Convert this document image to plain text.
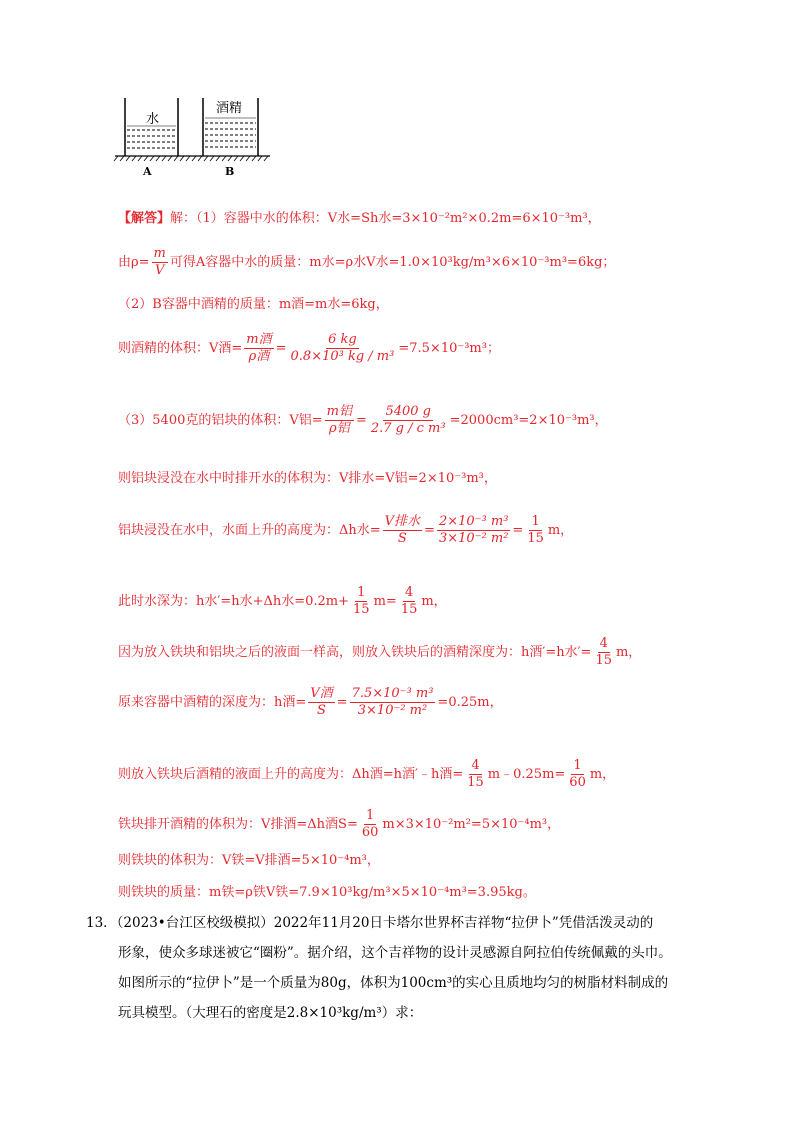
水
酒精
A	B
【解答】解：（1）容器中水的体积：V水=Sh水=3×10⁻²m²×0.2m=6×10⁻³m³，
由$\rho= \frac{m}{V}$ 可得A容器中水的质量：m水=ρ水V水=1.0×10³kg/m³×6×10⁻³m³=6kg；
（2）B容器中酒精的质量：m酒=m水=6kg，
则酒精的体积：V酒= $\frac{\text{m酒}}{\text{ρ酒}} = \frac{6 kg}{\text{0.8×10³ kg / m³}} =7.5\times 10^{-3}m^3$；
（3）5400克的铝块的体积：V铝= $\frac{\text{m铝}}{\text{ρ铝}} = \frac{5400 g}{\text{2.7 g / c m³}} =2000cm^3=2\times 10^{-3}m^3$，
则铝块浸没在水中时排开水的体积为：V排水=V铝=2×10⁻³m³，
铝块浸没在水中，水面上升的高度为：Δh水= $\frac{\text{V排水}}{S} = \frac{\text{2×10⁻³ m³}}{\text{3×10⁻² m²}} = \frac{1}{15}$ m，
此时水深为：h水′=h水+Δh水$=0.2m+ \frac{1}{15} m= \frac{4}{15}$ m，
因为放入铁块和铝块之后的液面一样高，则放入铁块后的酒精深度为：h酒′=h水′= $\frac{4}{15}$ m，
原来容器中酒精的深度为：h酒= $\frac{\text{V酒}}{S} = \frac{\text{7.5×10⁻³ m³}}{\text{3×10⁻² m²}} =0.25m$，
则放入铁块后酒精的液面上升的高度为：Δh酒=h酒′﹣h酒= $\frac{4}{15}$ m﹣0.25m= $\frac{1}{60}$ m，
铁块排开酒精的体积为：V排酒=Δh酒$S= \frac{1}{60} m\times 3\times 10^{-2}m^2=5\times 10^{-4}m^3$，
则铁块的体积为：V铁=V排酒=5×10⁻⁴m³，
则铁块的质量：m铁=ρ铁V铁=7.9×10³kg/m³×5×10⁻⁴m³=3.95kg。
13．（2023•台江区校级模拟）2022年11月20日卡塔尔世界杯吉祥物“拉伊卜”凭借活泼灵动的
形象，使众多球迷被它“圈粉”。据介绍，这个吉祥物的设计灵感源自阿拉伯传统佩戴的头巾。
如图所示的“拉伊卜”是一个质量为80g，体积为100cm³的实心且质地均匀的树脂材料制成的
玩具模型。（大理石的密度是2.8×10³kg/m³）求：
